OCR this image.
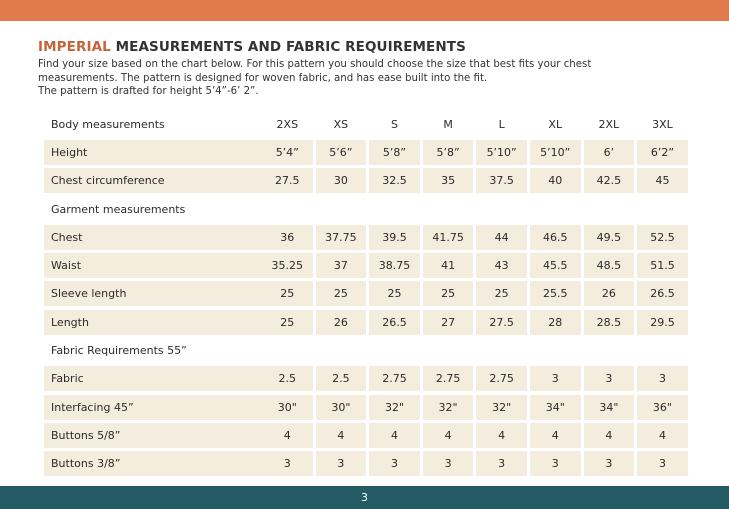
IMPERIAL MEASUREMENTS AND FABRIC REQUIREMENTS

Find your size based on the chart below. For this pattern you should choose the size that best fits your chest

measurements. The pattern is designed for woven fabric, and has ease built into the fit.

The pattern is drafted for height 5’4”-6’ 2”.

Body measurements	2XS	XS	S	M	L	XL	2XL	3XL
Height	5’4”	5’6”	5’8”	5’8”	5’10”	5’10”	6’	6’2”
Chest circumference	27.5	30	32.5	35	37.5	40	42.5	45
Garment measurements
Chest	36	37.75	39.5	41.75	44	46.5	49.5	52.5
Waist	35.25	37	38.75	41	43	45.5	48.5	51.5
Sleeve length	25	25	25	25	25	25.5	26	26.5
Length	25	26	26.5	27	27.5	28	28.5	29.5
Fabric Requirements 55”
Fabric	2.5	2.5	2.75	2.75	2.75	3	3	3
Interfacing 45”	30"	30"	32"	32"	32"	34"	34"	36"
Buttons 5/8”	4	4	4	4	4	4	4	4
Buttons 3/8”	3	3	3	3	3	3	3	3
3
